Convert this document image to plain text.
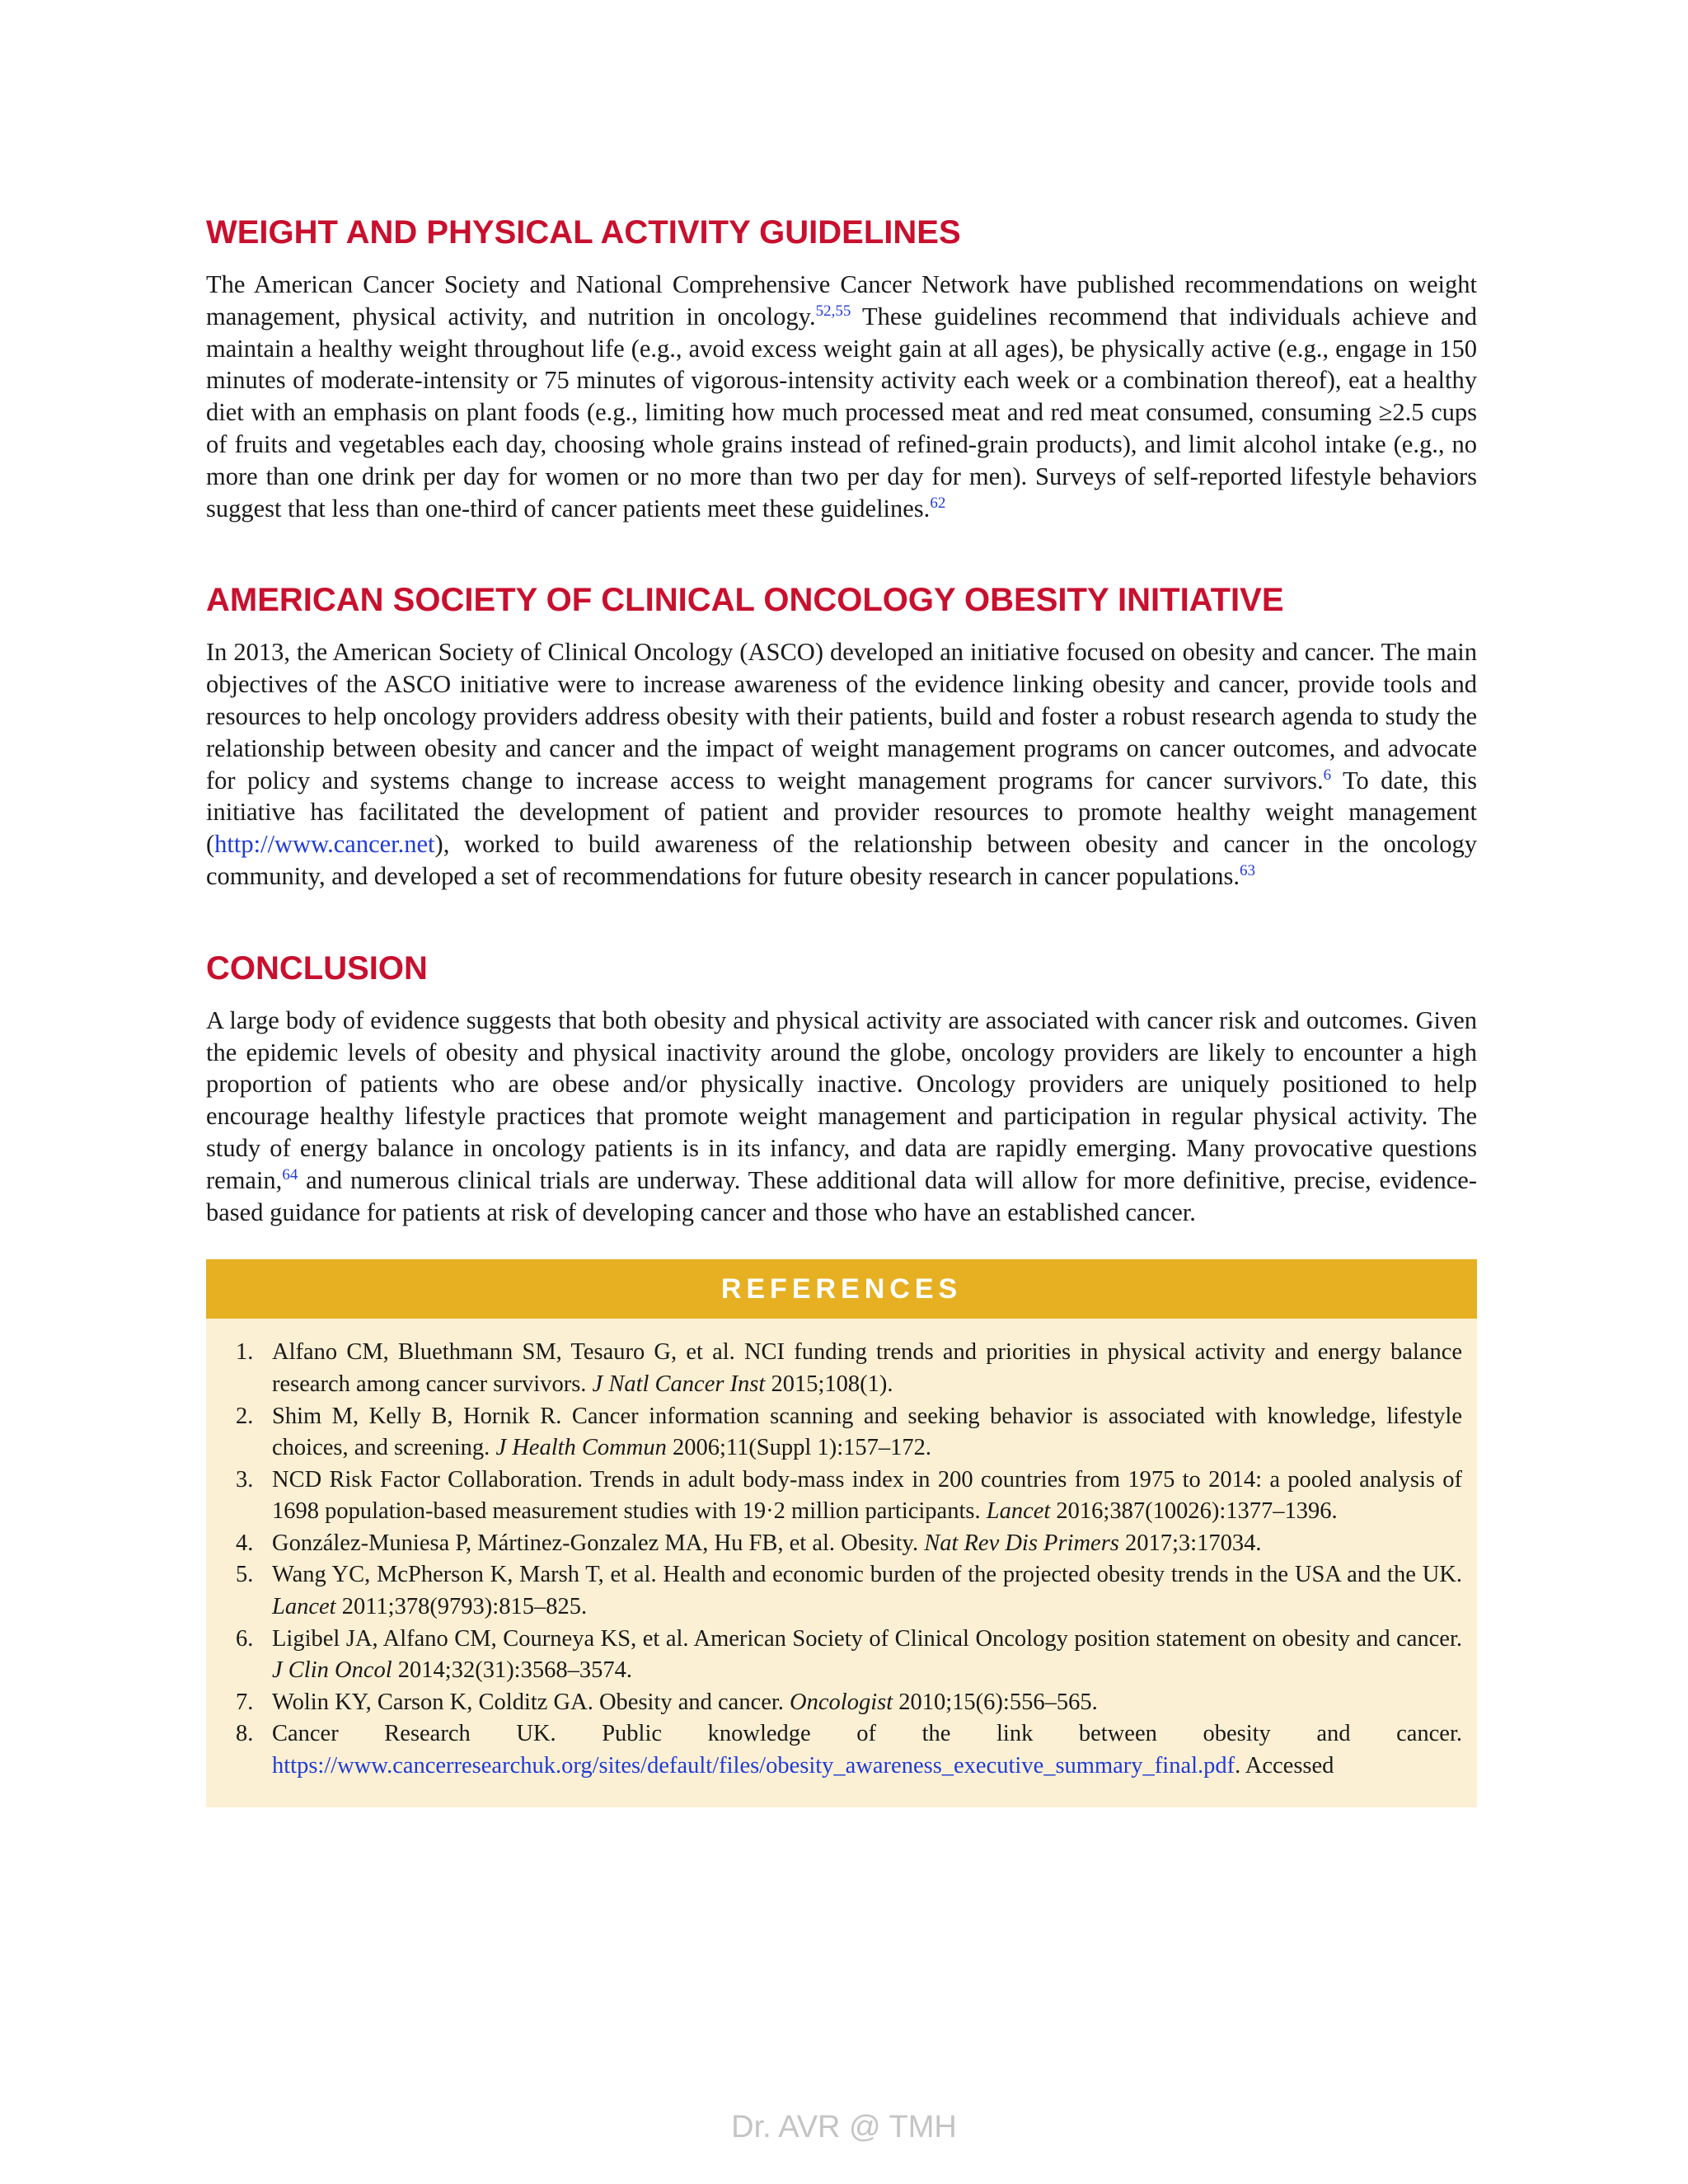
WEIGHT AND PHYSICAL ACTIVITY GUIDELINES

The American Cancer Society and National Comprehensive Cancer Network have published recommendations on weight management, physical activity, and nutrition in oncology.$^{52,55}$ These guidelines recommend that individuals achieve and maintain a healthy weight throughout life (e.g., avoid excess weight gain at all ages), be physically active (e.g., engage in 150 minutes of moderate-intensity or 75 minutes of vigorous-intensity activity each week or a combination thereof), eat a healthy diet with an emphasis on plant foods (e.g., limiting how much processed meat and red meat consumed, consuming ≥2.5 cups of fruits and vegetables each day, choosing whole grains instead of refined-grain products), and limit alcohol intake (e.g., no more than one drink per day for women or no more than two per day for men). Surveys of self-reported lifestyle behaviors suggest that less than one-third of cancer patients meet these guidelines.$^{62}$

AMERICAN SOCIETY OF CLINICAL ONCOLOGY OBESITY INITIATIVE

In 2013, the American Society of Clinical Oncology (ASCO) developed an initiative focused on obesity and cancer. The main objectives of the ASCO initiative were to increase awareness of the evidence linking obesity and cancer, provide tools and resources to help oncology providers address obesity with their patients, build and foster a robust research agenda to study the relationship between obesity and cancer and the impact of weight management programs on cancer outcomes, and advocate for policy and systems change to increase access to weight management programs for cancer survivors.$^6$ To date, this initiative has facilitated the development of patient and provider resources to promote healthy weight management (http://www.cancer.net), worked to build awareness of the relationship between obesity and cancer in the oncology community, and developed a set of recommendations for future obesity research in cancer populations.$^{63}$

CONCLUSION

A large body of evidence suggests that both obesity and physical activity are associated with cancer risk and outcomes. Given the epidemic levels of obesity and physical inactivity around the globe, oncology providers are likely to encounter a high proportion of patients who are obese and/or physically inactive. Oncology providers are uniquely positioned to help encourage healthy lifestyle practices that promote weight management and participation in regular physical activity. The study of energy balance in oncology patients is in its infancy, and data are rapidly emerging. Many provocative questions remain,$^{64}$ and numerous clinical trials are underway. These additional data will allow for more definitive, precise, evidence-based guidance for patients at risk of developing cancer and those who have an established cancer.

REFERENCES
1. Alfano CM, Bluethmann SM, Tesauro G, et al. NCI funding trends and priorities in physical activity and energy balance research among cancer survivors. J Natl Cancer Inst 2015;108(1).
2. Shim M, Kelly B, Hornik R. Cancer information scanning and seeking behavior is associated with knowledge, lifestyle choices, and screening. J Health Commun 2006;11(Suppl 1):157–172.
3. NCD Risk Factor Collaboration. Trends in adult body-mass index in 200 countries from 1975 to 2014: a pooled analysis of 1698 population-based measurement studies with 19·2 million participants. Lancet 2016;387(10026):1377–1396.
4. González-Muniesa P, Mártinez-Gonzalez MA, Hu FB, et al. Obesity. Nat Rev Dis Primers 2017;3:17034.
5. Wang YC, McPherson K, Marsh T, et al. Health and economic burden of the projected obesity trends in the USA and the UK. Lancet 2011;378(9793):815–825.
6. Ligibel JA, Alfano CM, Courneya KS, et al. American Society of Clinical Oncology position statement on obesity and cancer. J Clin Oncol 2014;32(31):3568–3574.
7. Wolin KY, Carson K, Colditz GA. Obesity and cancer. Oncologist 2010;15(6):556–565.
8. Cancer Research UK. Public knowledge of the link between obesity and cancer. https://www.cancerresearchuk.org/sites/default/files/obesity_awareness_executive_summary_final.pdf. Accessed
Dr. AVR @ TMH
